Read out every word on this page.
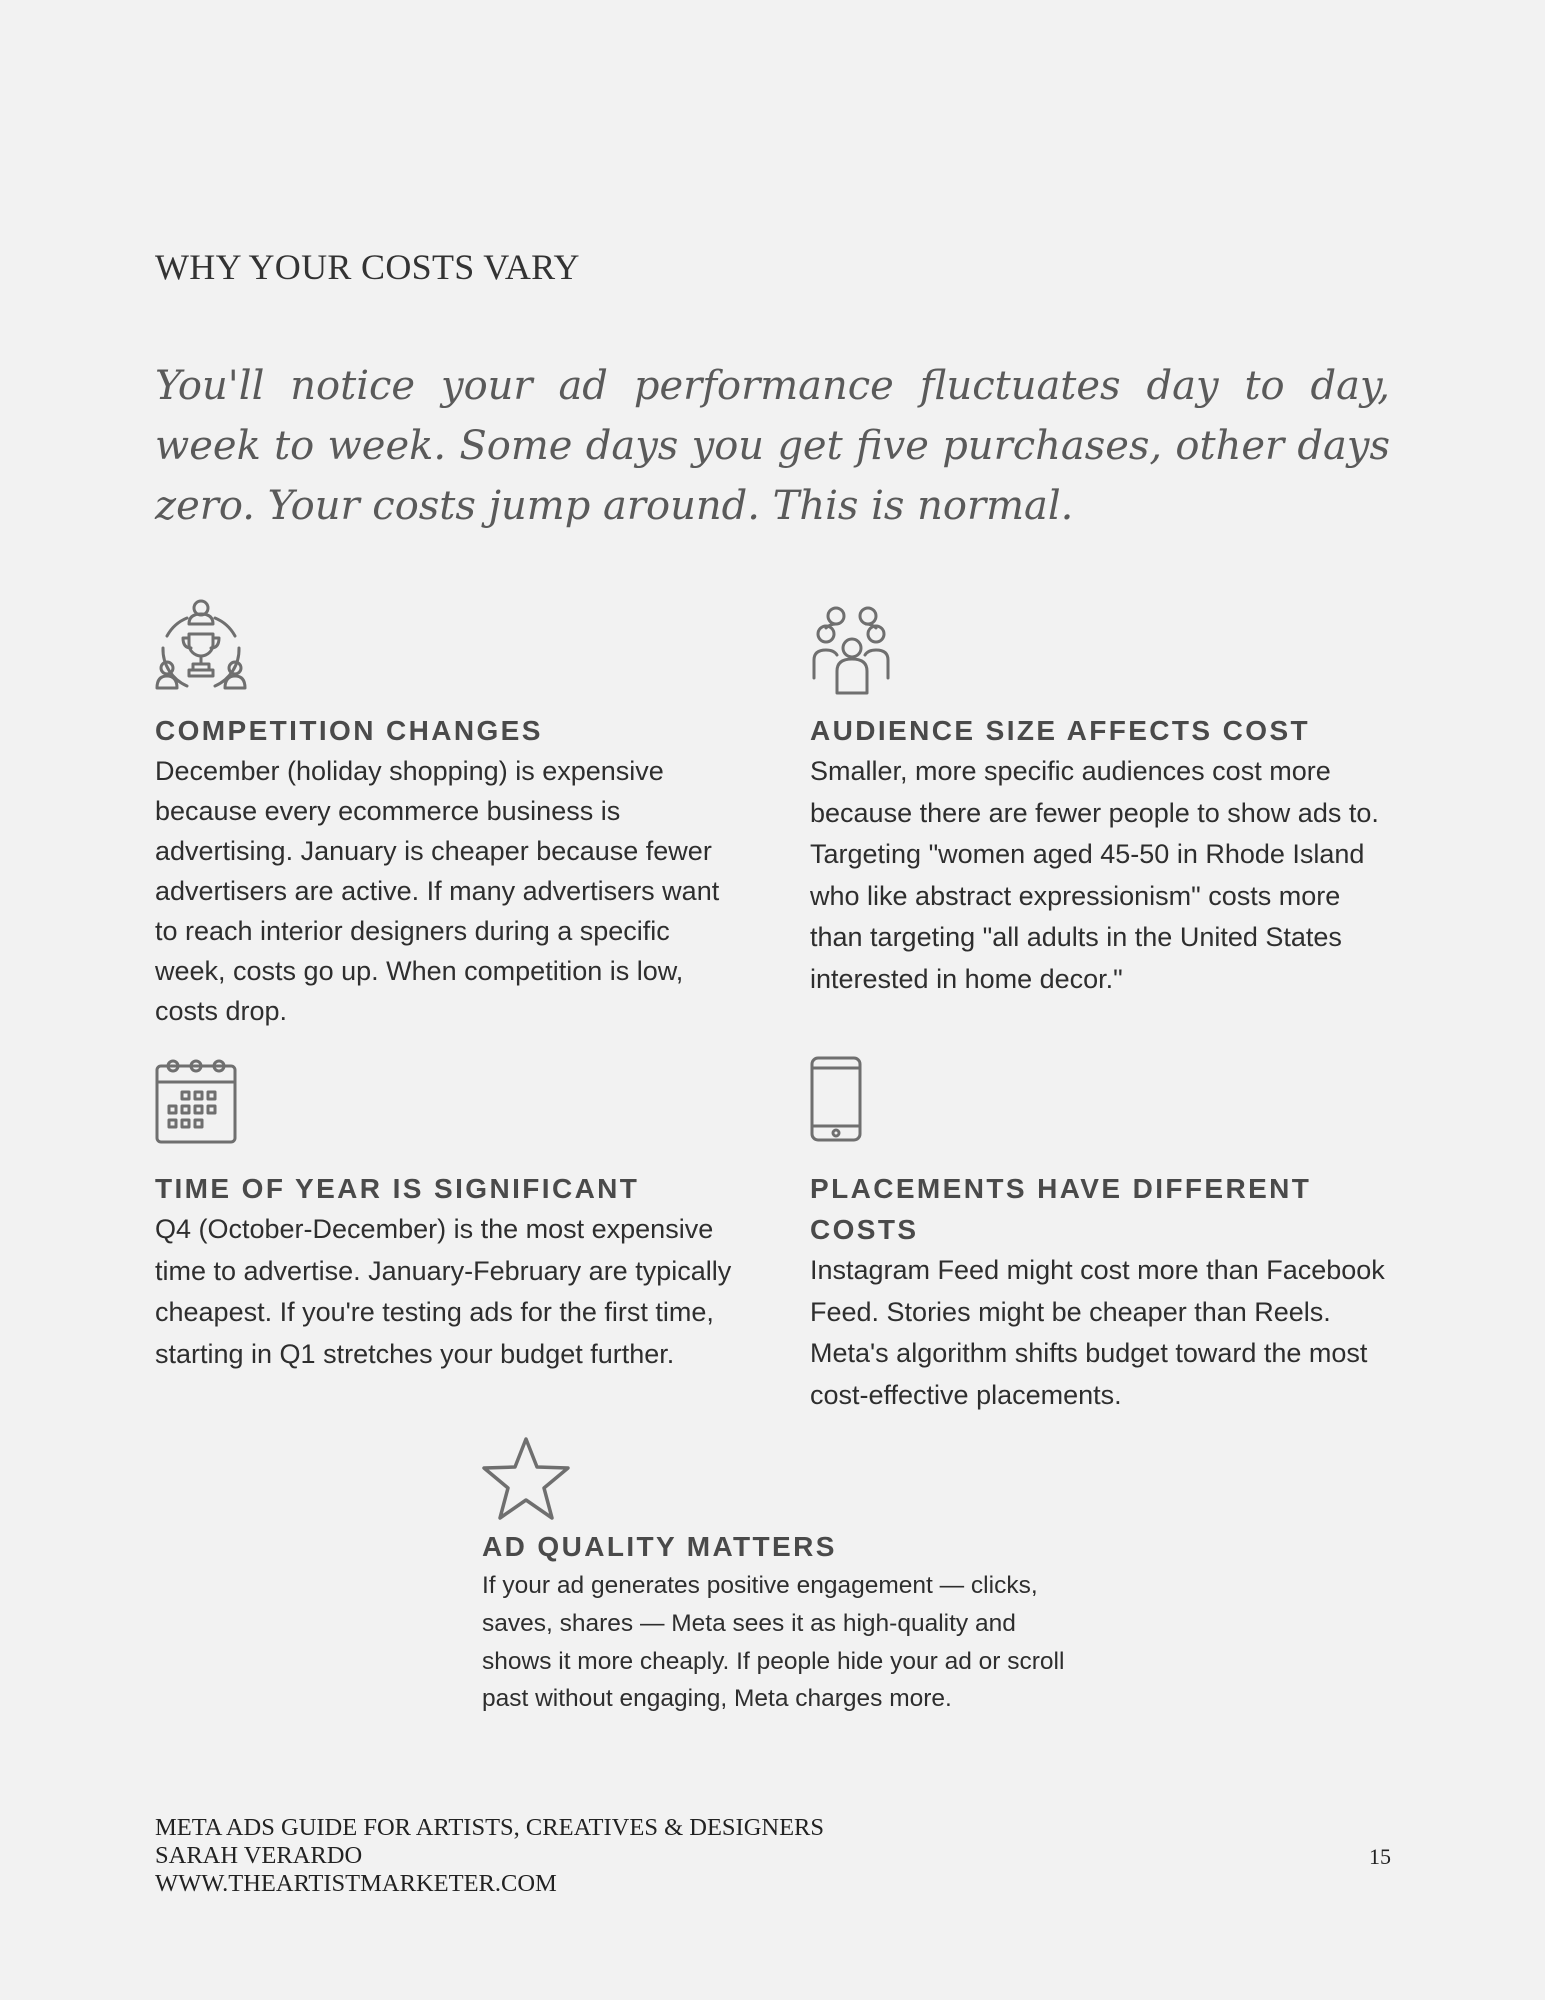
WHY YOUR COSTS VARY

You'll notice your ad performance fluctuates day to day, week to week. Some days you get five purchases, other days zero. Your costs jump around. This is normal.

COMPETITION CHANGES

December (holiday shopping) is expensive because every ecommerce business is advertising. January is cheaper because fewer advertisers are active. If many advertisers want to reach interior designers during a specific week, costs go up. When competition is low, costs drop.

AUDIENCE SIZE AFFECTS COST

Smaller, more specific audiences cost more because there are fewer people to show ads to. Targeting "women aged 45-50 in Rhode Island who like abstract expressionism" costs more than targeting "all adults in the United States interested in home decor."

TIME OF YEAR IS SIGNIFICANT

Q4 (October-December) is the most expensive time to advertise. January-February are typically cheapest. If you're testing ads for the first time, starting in Q1 stretches your budget further.

PLACEMENTS HAVE DIFFERENT COSTS

Instagram Feed might cost more than Facebook Feed. Stories might be cheaper than Reels. Meta's algorithm shifts budget toward the most cost-effective placements.

AD QUALITY MATTERS

If your ad generates positive engagement — clicks, saves, shares — Meta sees it as high-quality and shows it more cheaply. If people hide your ad or scroll past without engaging, Meta charges more.

META ADS GUIDE FOR ARTISTS, CREATIVES & DESIGNERS
SARAH VERARDO
WWW.THEARTISTMARKETER.COM
15
